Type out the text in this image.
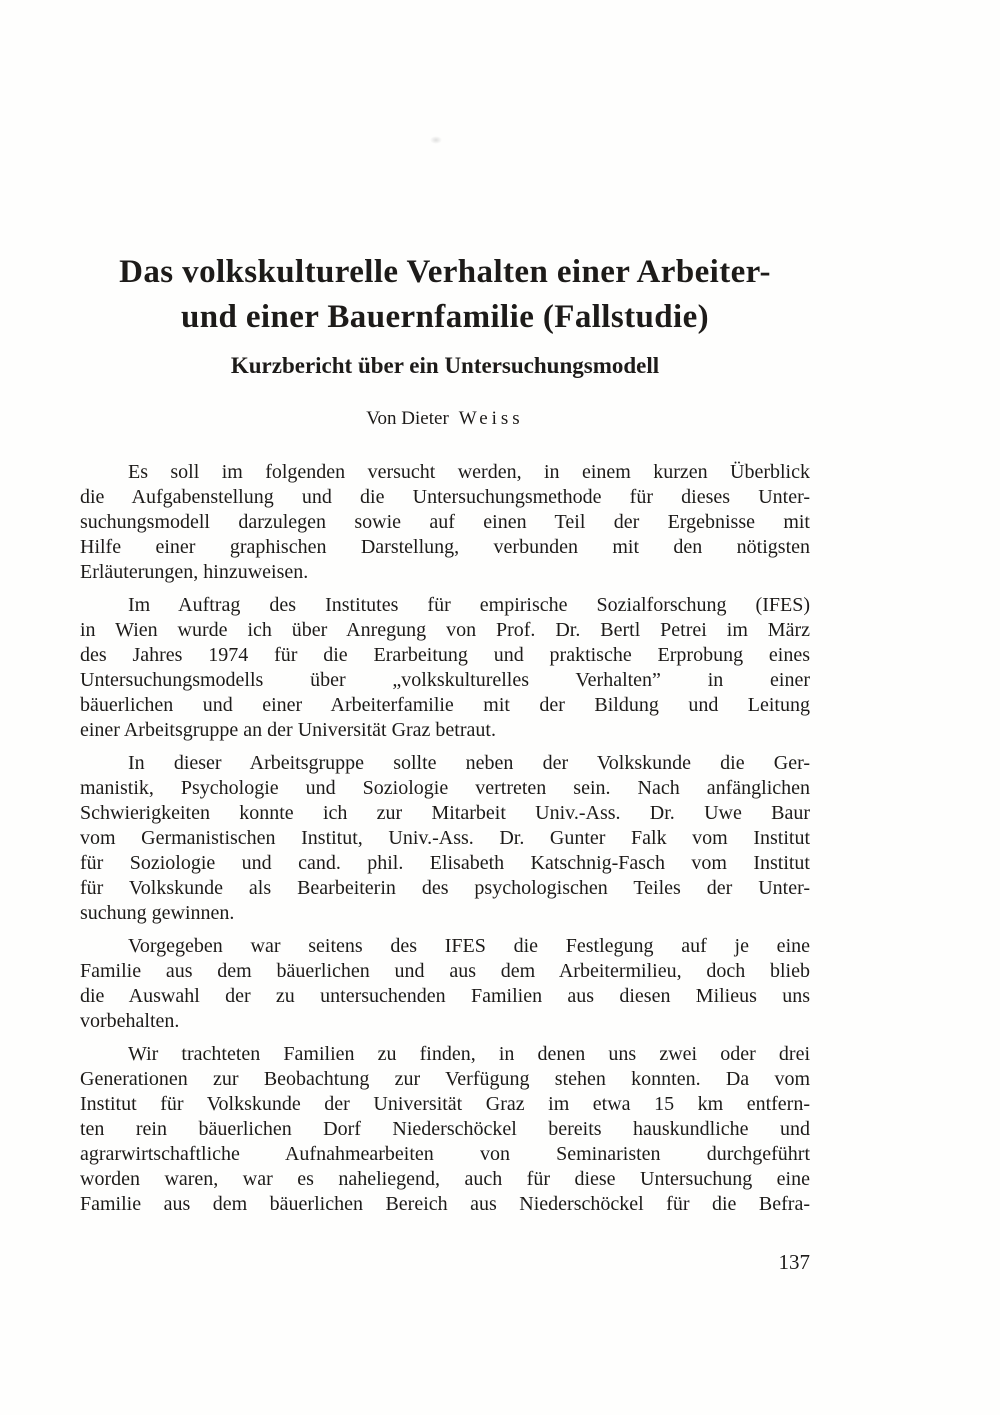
Das volkskulturelle Verhalten einer Arbeiter-
und einer Bauernfamilie (Fallstudie)
Kurzbericht über ein Untersuchungsmodell
Von Dieter Weiss
Es soll im folgenden versucht werden, in einem kurzen Überblick
die Aufgabenstellung und die Untersuchungsmethode für dieses Unter-
suchungsmodell darzulegen sowie auf einen Teil der Ergebnisse mit
Hilfe einer graphischen Darstellung, verbunden mit den nötigsten
Erläuterungen, hinzuweisen.
Im Auftrag des Institutes für empirische Sozialforschung (IFES)
in Wien wurde ich über Anregung von Prof. Dr. Bertl Petrei im März
des Jahres 1974 für die Erarbeitung und praktische Erprobung eines
Untersuchungsmodells über „volkskulturelles Verhalten” in einer
bäuerlichen und einer Arbeiterfamilie mit der Bildung und Leitung
einer Arbeitsgruppe an der Universität Graz betraut.
In dieser Arbeitsgruppe sollte neben der Volkskunde die Ger-
manistik, Psychologie und Soziologie vertreten sein. Nach anfänglichen
Schwierigkeiten konnte ich zur Mitarbeit Univ.-Ass. Dr. Uwe Baur
vom Germanistischen Institut, Univ.-Ass. Dr. Gunter Falk vom Institut
für Soziologie und cand. phil. Elisabeth Katschnig-Fasch vom Institut
für Volkskunde als Bearbeiterin des psychologischen Teiles der Unter-
suchung gewinnen.
Vorgegeben war seitens des IFES die Festlegung auf je eine
Familie aus dem bäuerlichen und aus dem Arbeitermilieu, doch blieb
die Auswahl der zu untersuchenden Familien aus diesen Milieus uns
vorbehalten.
Wir trachteten Familien zu finden, in denen uns zwei oder drei
Generationen zur Beobachtung zur Verfügung stehen konnten. Da vom
Institut für Volkskunde der Universität Graz im etwa 15 km entfern-
ten rein bäuerlichen Dorf Niederschöckel bereits hauskundliche und
agrarwirtschaftliche Aufnahmearbeiten von Seminaristen durchgeführt
worden waren, war es naheliegend, auch für diese Untersuchung eine
Familie aus dem bäuerlichen Bereich aus Niederschöckel für die Befra-
137
